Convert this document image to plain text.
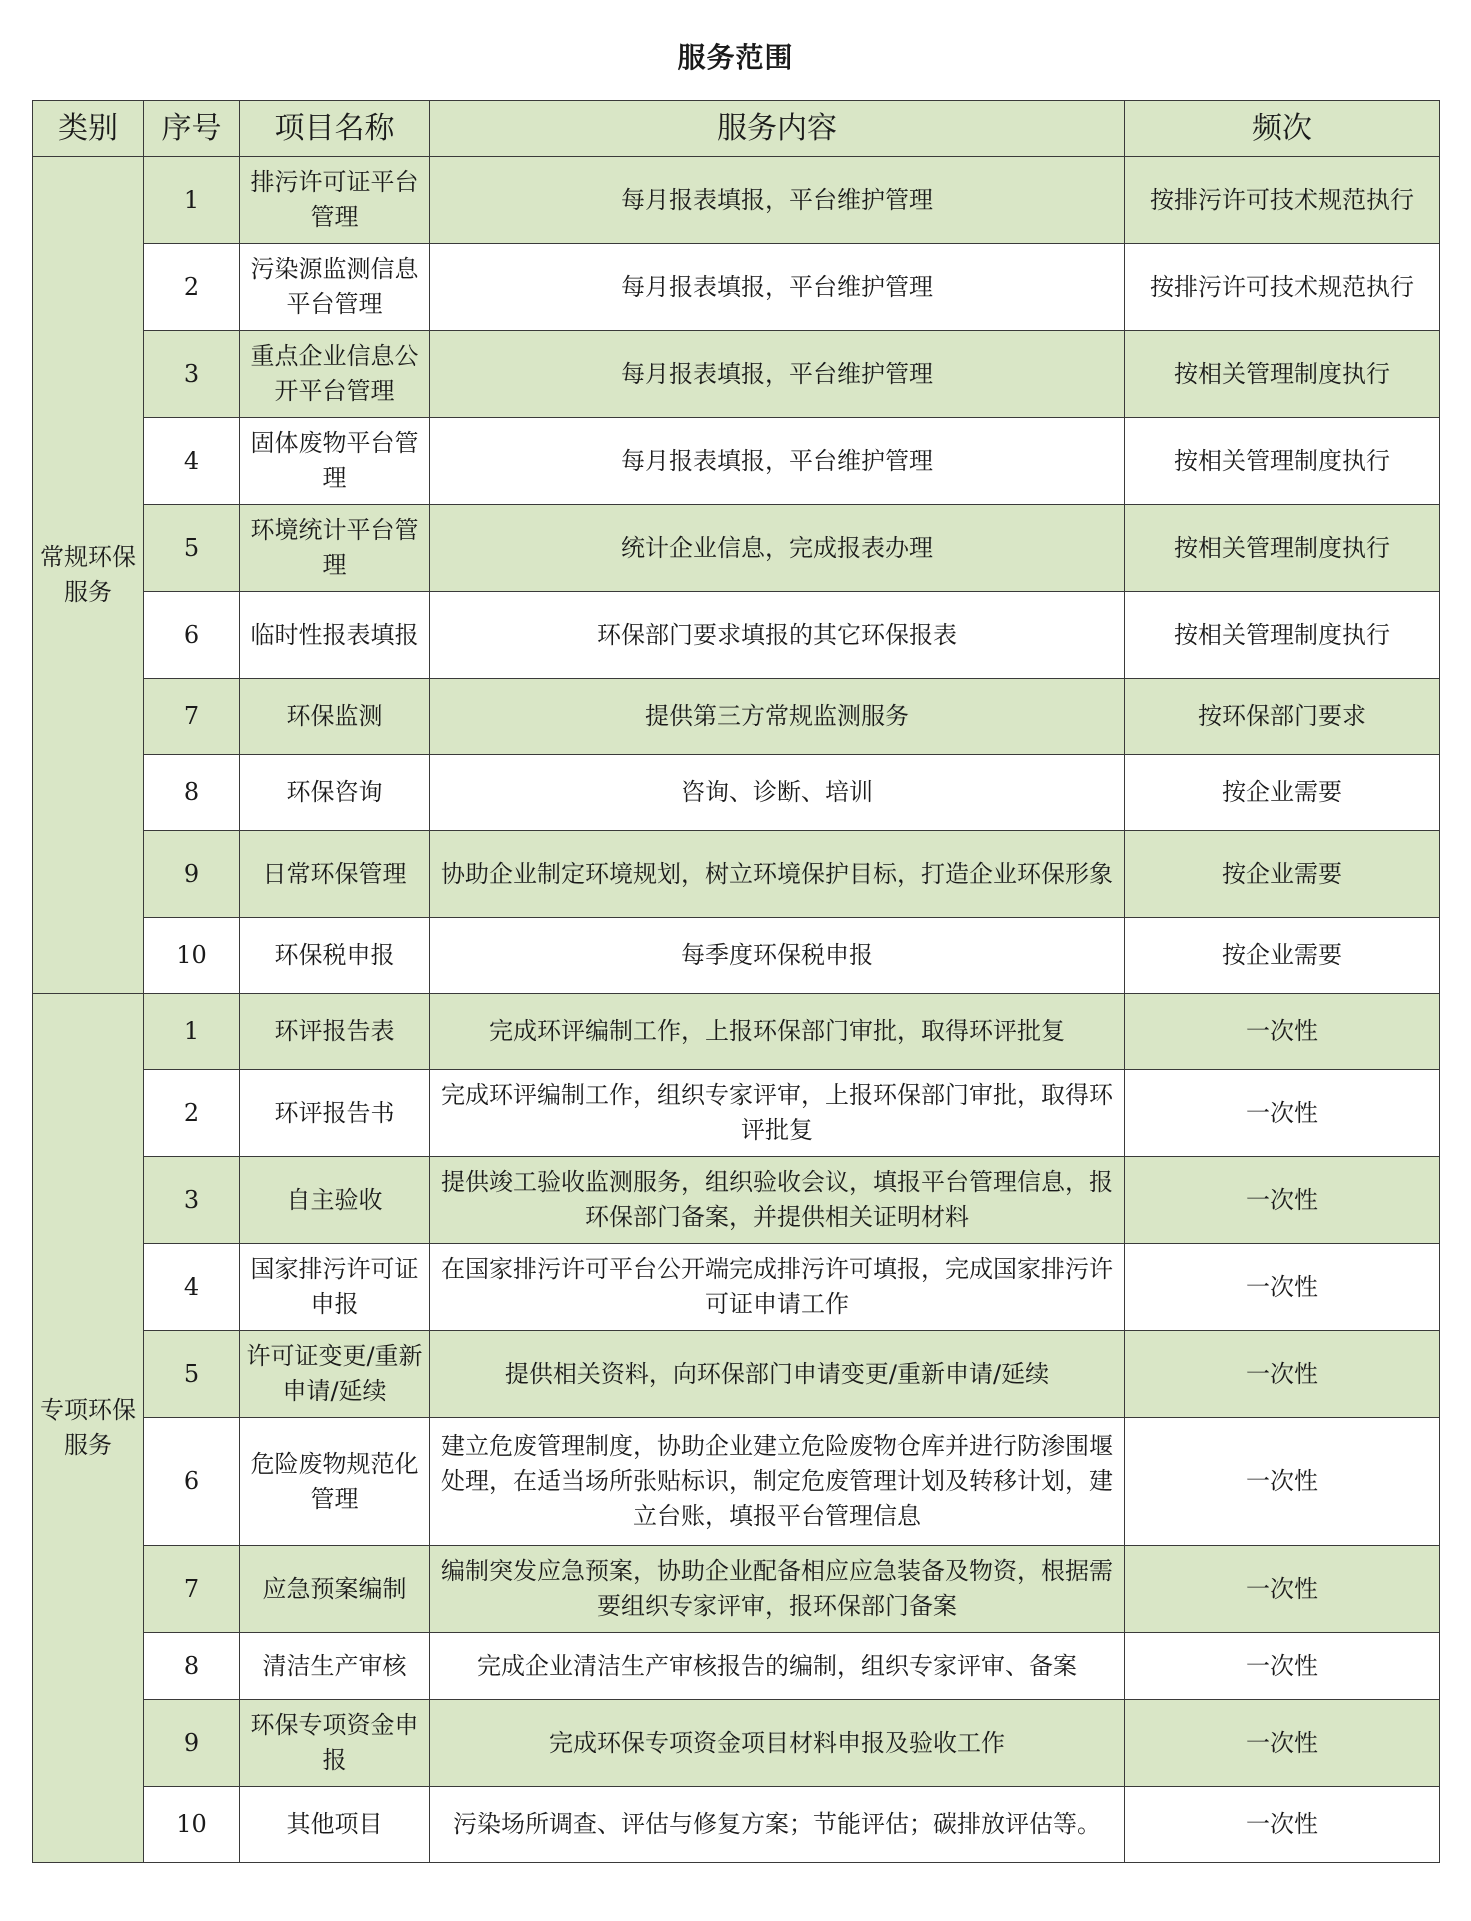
服务范围
类别	序号	项目名称	服务内容	频次
常规环保服务	1	排污许可证平台管理	每月报表填报，平台维护管理	按排污许可技术规范执行
	2	污染源监测信息平台管理	每月报表填报，平台维护管理	按排污许可技术规范执行
	3	重点企业信息公开平台管理	每月报表填报，平台维护管理	按相关管理制度执行
	4	固体废物平台管理	每月报表填报，平台维护管理	按相关管理制度执行
	5	环境统计平台管理	统计企业信息，完成报表办理	按相关管理制度执行
	6	临时性报表填报	环保部门要求填报的其它环保报表	按相关管理制度执行
	7	环保监测	提供第三方常规监测服务	按环保部门要求
	8	环保咨询	咨询、诊断、培训	按企业需要
	9	日常环保管理	协助企业制定环境规划，树立环境保护目标，打造企业环保形象	按企业需要
	10	环保税申报	每季度环保税申报	按企业需要
专项环保服务	1	环评报告表	完成环评编制工作，上报环保部门审批，取得环评批复	一次性
	2	环评报告书	完成环评编制工作，组织专家评审，上报环保部门审批，取得环评批复	一次性
	3	自主验收	提供竣工验收监测服务，组织验收会议，填报平台管理信息，报环保部门备案，并提供相关证明材料	一次性
	4	国家排污许可证申报	在国家排污许可平台公开端完成排污许可填报，完成国家排污许可证申请工作	一次性
	5	许可证变更/重新申请/延续	提供相关资料，向环保部门申请变更/重新申请/延续	一次性
	6	危险废物规范化管理	建立危废管理制度，协助企业建立危险废物仓库并进行防渗围堰处理，在适当场所张贴标识，制定危废管理计划及转移计划，建立台账，填报平台管理信息	一次性
	7	应急预案编制	编制突发应急预案，协助企业配备相应应急装备及物资，根据需要组织专家评审，报环保部门备案	一次性
	8	清洁生产审核	完成企业清洁生产审核报告的编制，组织专家评审、备案	一次性
	9	环保专项资金申报	完成环保专项资金项目材料申报及验收工作	一次性
	10	其他项目	污染场所调查、评估与修复方案；节能评估；碳排放评估等。	一次性
